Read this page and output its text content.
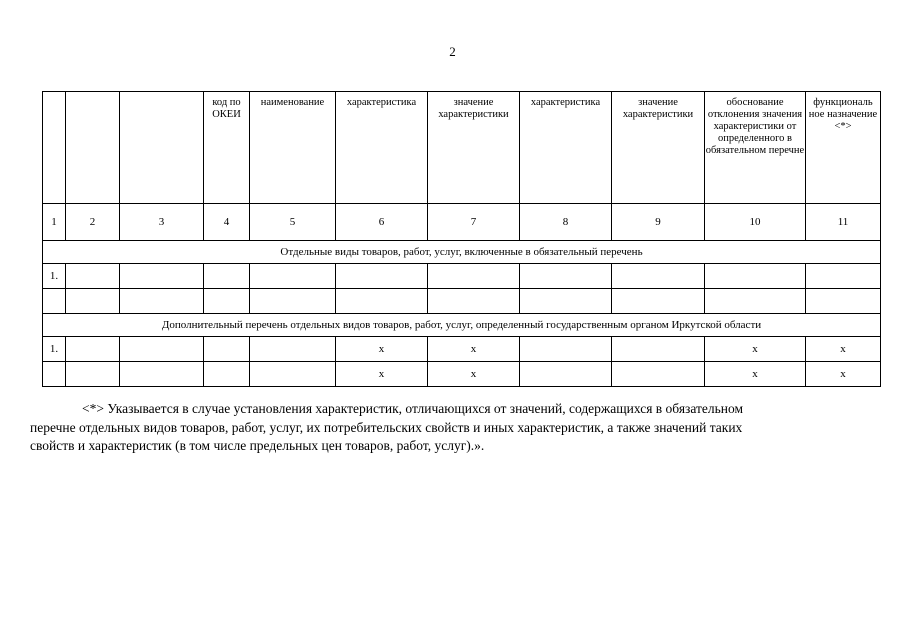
2
			код по ОКЕИ	наименование	характеристика	значение характеристики	характеристика	значение характеристики	обоснование отклонения значения характеристики от определенного в обязательном перечне	функциональ ное назначение <*>
1	2	3	4	5	6	7	8	9	10	11
Отдельные виды товаров, работ, услуг, включенные в обязательный перечень										
1.										

Дополнительный перечень отдельных видов товаров, работ, услуг, определенный государственным органом Иркутской области										
1.					x	x			x	x
					x	x			x	x
<*> Указывается в случае установления характеристик, отличающихся от значений, содержащихся в обязательном
перечне отдельных видов товаров, работ, услуг, их потребительских свойств и иных характеристик, а также значений таких
свойств и характеристик (в том числе предельных цен товаров, работ, услуг).».
